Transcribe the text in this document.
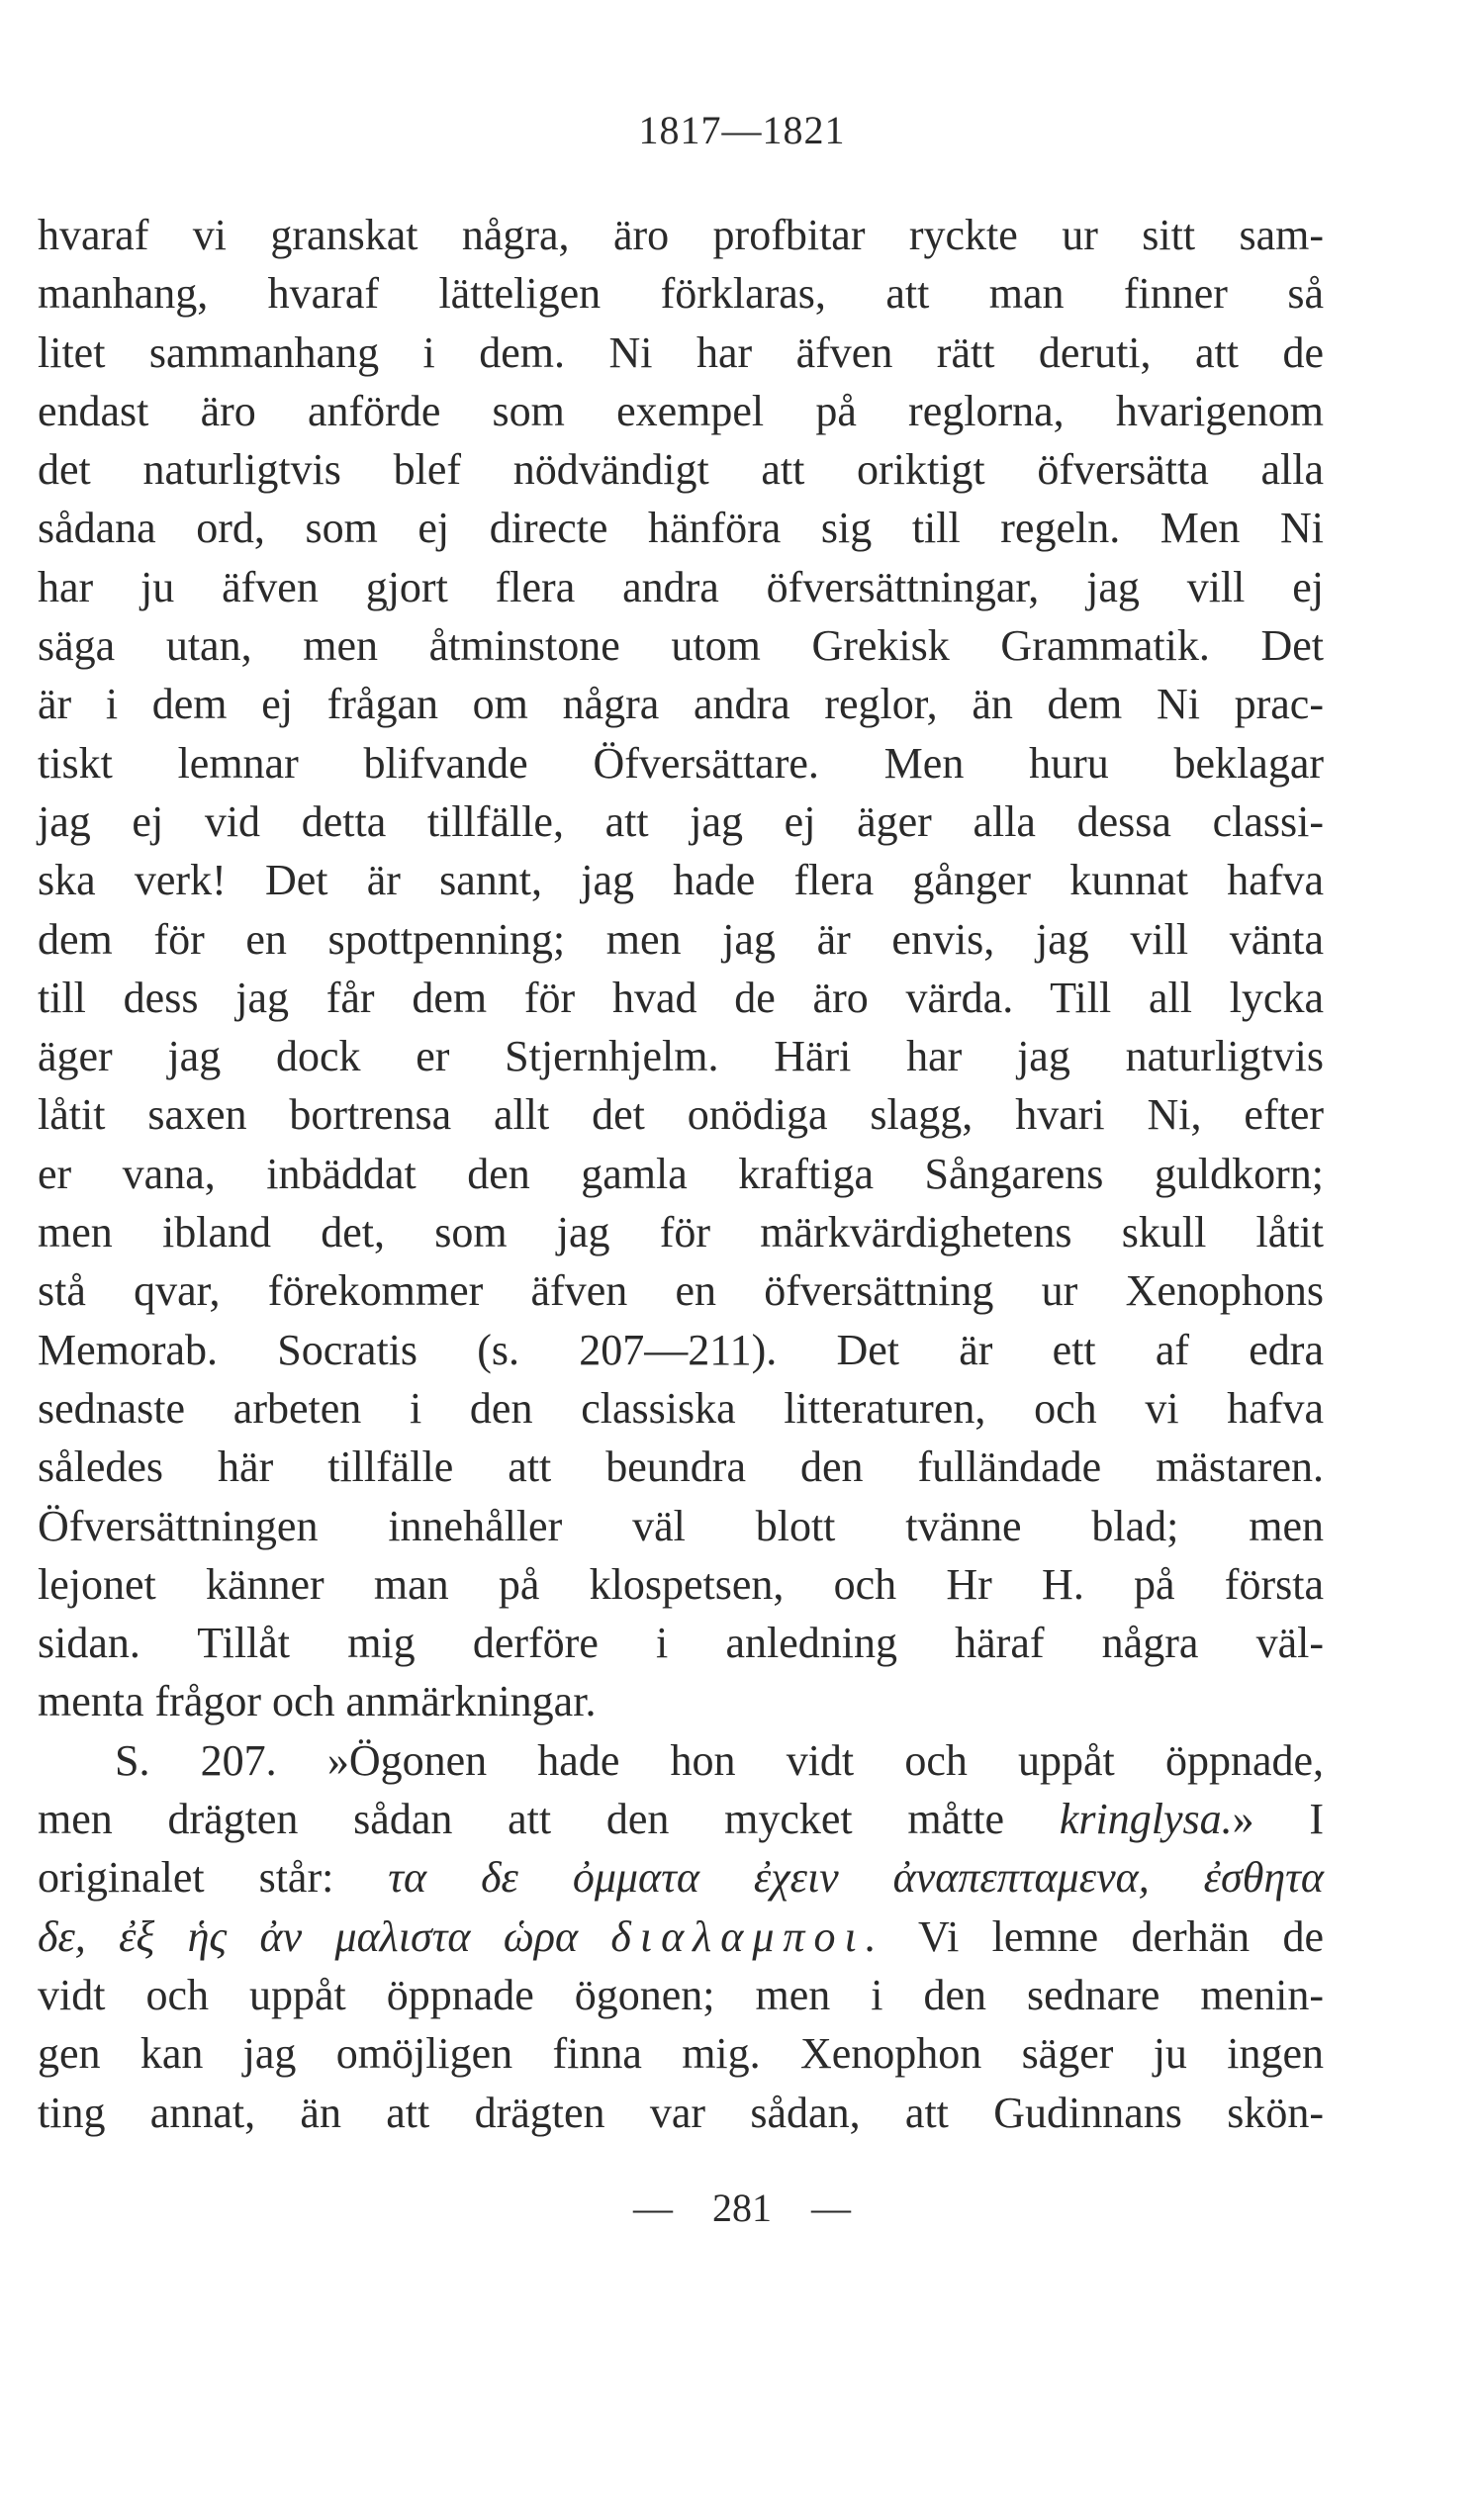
1817—1821
hvaraf vi granskat några, äro profbitar ryckte ur sitt sam-
manhang, hvaraf lätteligen förklaras, att man finner så
litet sammanhang i dem. Ni har äfven rätt deruti, att de
endast äro anförde som exempel på reglorna, hvarigenom
det naturligtvis blef nödvändigt att oriktigt öfversätta alla
sådana ord, som ej directe hänföra sig till regeln. Men Ni
har ju äfven gjort flera andra öfversättningar, jag vill ej
säga utan, men åtminstone utom Grekisk Grammatik. Det
är i dem ej frågan om några andra reglor, än dem Ni prac-
tiskt lemnar blifvande Öfversättare. Men huru beklagar
jag ej vid detta tillfälle, att jag ej äger alla dessa classi-
ska verk! Det är sannt, jag hade flera gånger kunnat hafva
dem för en spottpenning; men jag är envis, jag vill vänta
till dess jag får dem för hvad de äro värda. Till all lycka
äger jag dock er Stjernhjelm. Häri har jag naturligtvis
låtit saxen bortrensa allt det onödiga slagg, hvari Ni, efter
er vana, inbäddat den gamla kraftiga Sångarens guldkorn;
men ibland det, som jag för märkvärdighetens skull låtit
stå qvar, förekommer äfven en öfversättning ur Xenophons
Memorab. Socratis (s. 207—211). Det är ett af edra
sednaste arbeten i den classiska litteraturen, och vi hafva
således här tillfälle att beundra den fulländade mästaren.
Öfversättningen innehåller väl blott tvänne blad; men
lejonet känner man på klospetsen, och Hr H. på första
sidan. Tillåt mig derföre i anledning häraf några väl-
menta frågor och anmärkningar.
S. 207. »Ögonen hade hon vidt och uppåt öppnade,
men drägten sådan att den mycket måtte kringlysa.» I
originalet står: τα δε ὀμματα ἐχειν ἀναπεπταμενα, ἐσθητα
δε, ἐξ ἡς ἀν μαλιστα ὡρα διαλαμποι. Vi lemne derhän de
vidt och uppåt öppnade ögonen; men i den sednare menin-
gen kan jag omöjligen finna mig. Xenophon säger ju ingen
ting annat, än att drägten var sådan, att Gudinnans skön-
— 281 —
